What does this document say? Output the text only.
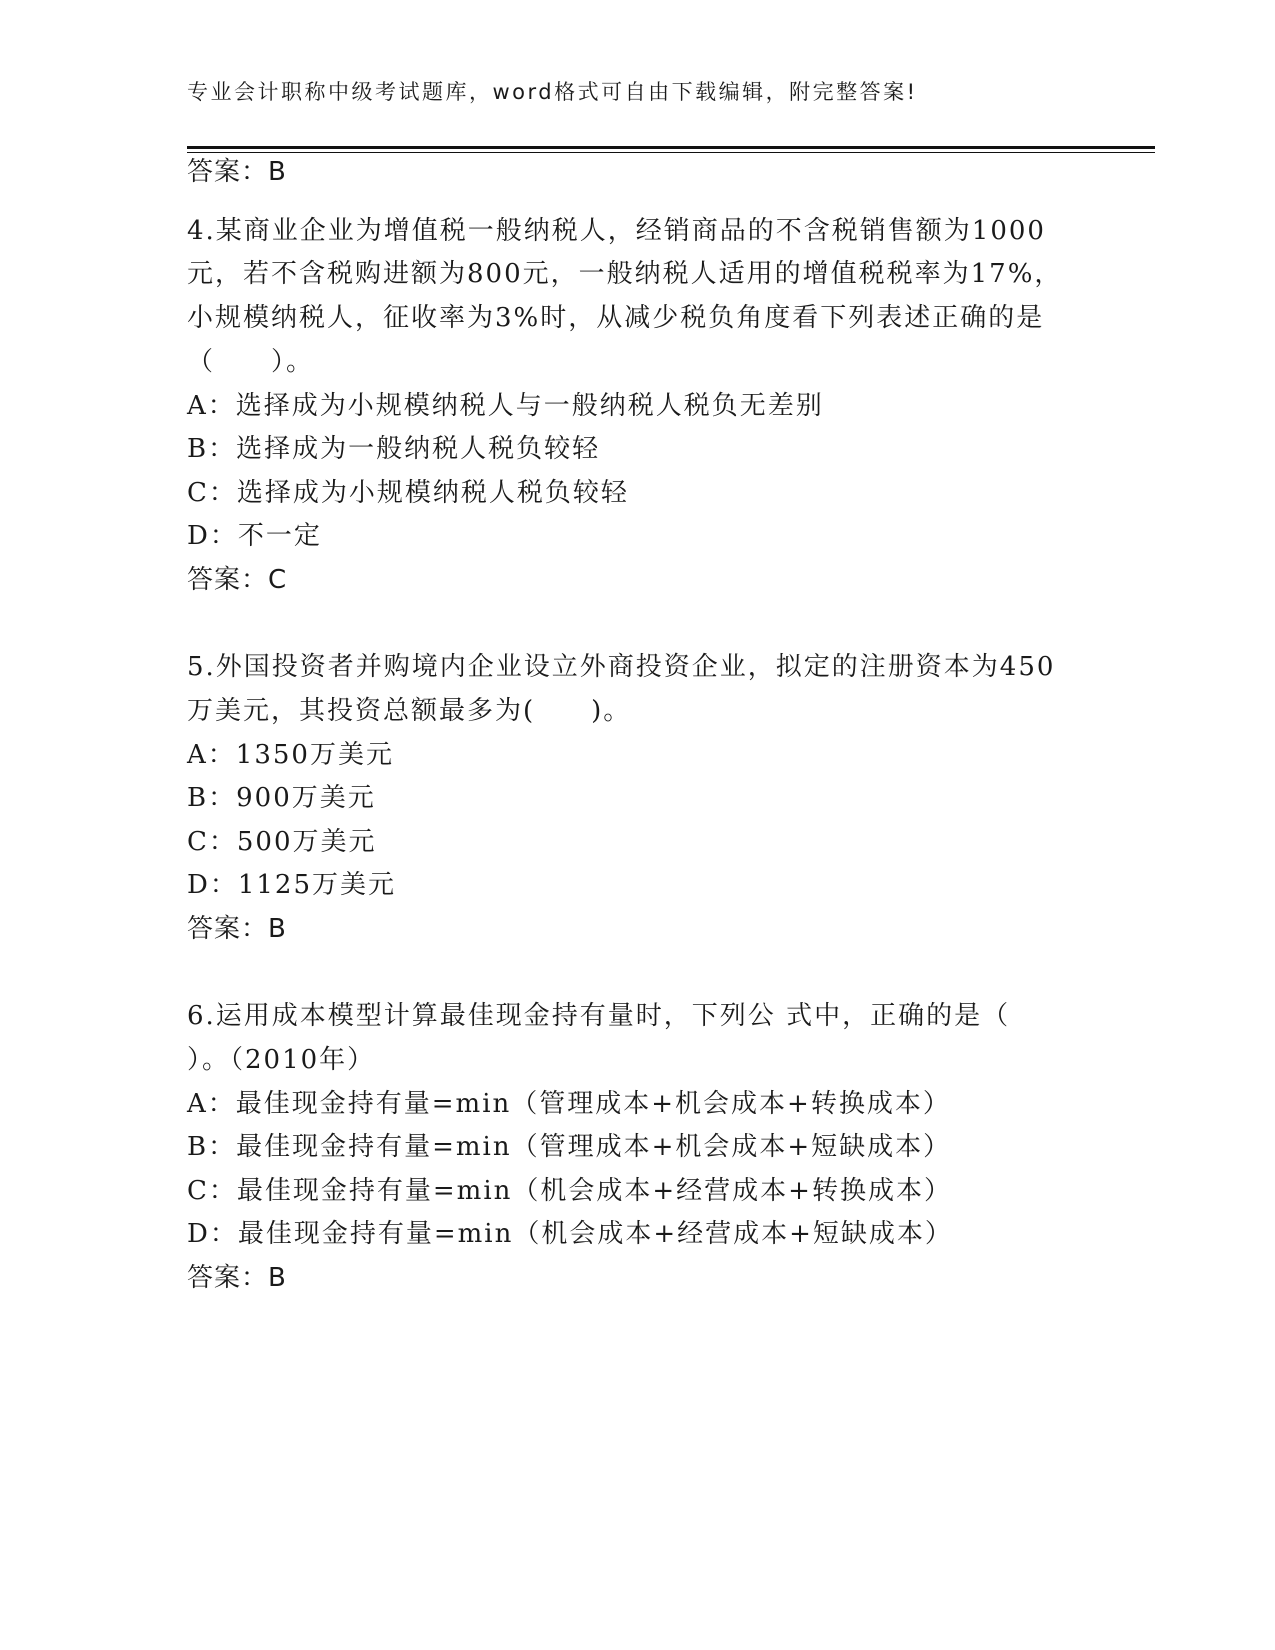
专业会计职称中级考试题库，word格式可自由下载编辑，附完整答案!
答案：B
4.某商业企业为增值税一般纳税人，经销商品的不含税销售额为1000
元，若不含税购进额为800元，一般纳税人适用的增值税税率为17%，
小规模纳税人，征收率为3%时，从减少税负角度看下列表述正确的是
（　　）。
A：选择成为小规模纳税人与一般纳税人税负无差别
B：选择成为一般纳税人税负较轻
C：选择成为小规模纳税人税负较轻
D：不一定
答案：C
5.外国投资者并购境内企业设立外商投资企业，拟定的注册资本为450
万美元，其投资总额最多为(　　)。
A：1350万美元
B：900万美元
C：500万美元
D：1125万美元
答案：B
6.运用成本模型计算最佳现金持有量时，下列公 式中，正确的是（
）。（2010年）
A：最佳现金持有量=min（管理成本+机会成本+转换成本）
B：最佳现金持有量=min（管理成本+机会成本+短缺成本）
C：最佳现金持有量=min（机会成本+经营成本+转换成本）
D：最佳现金持有量=min（机会成本+经营成本+短缺成本）
答案：B
